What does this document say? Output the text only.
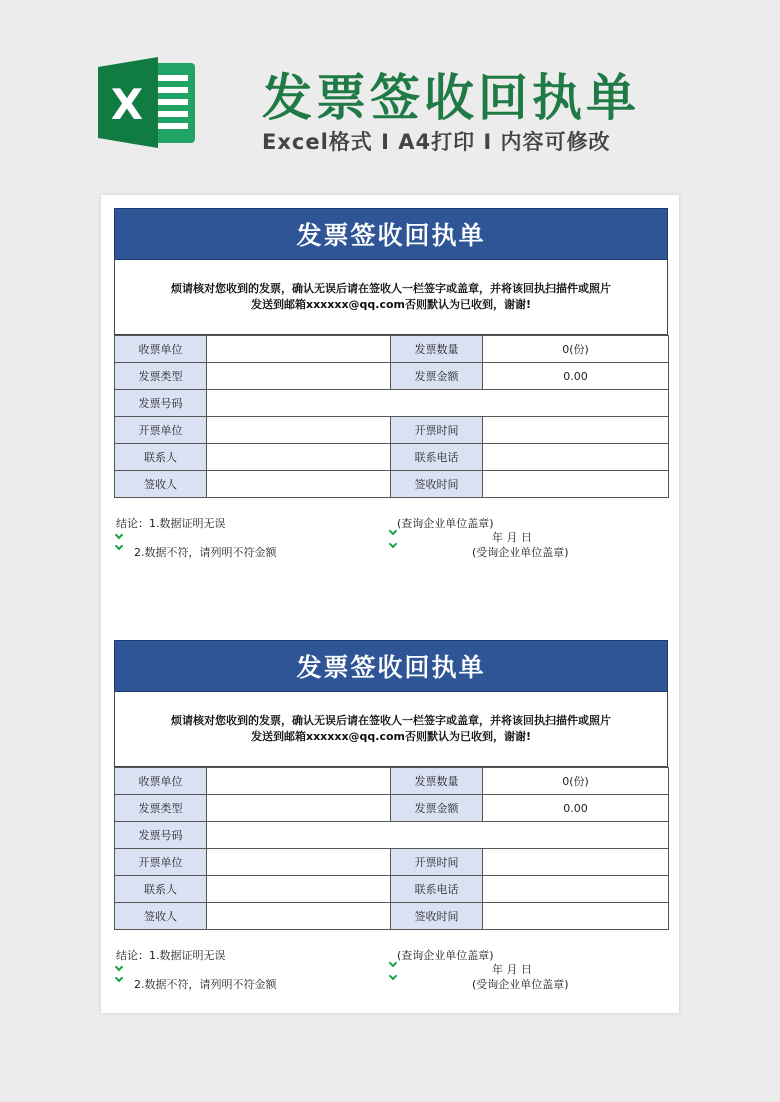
X 发票签收回执单
Excel格式 I A4打印 I 内容可修改
发票签收回执单
烦请核对您收到的发票，确认无误后请在签收人一栏签字或盖章，并将该回执扫描件或照片
发送到邮箱xxxxxx@qq.com否则默认为已收到，谢谢!
收票单位		发票数量	0(份)
发票类型		发票金额	0.00
发票号码			
开票单位		开票时间	
联系人		联系电话	
签收人		签收时间	
结论：1.数据证明无误
2.数据不符，请列明不符金额
(查询企业单位盖章)
年 月 日
(受询企业单位盖章)
发票签收回执单
烦请核对您收到的发票，确认无误后请在签收人一栏签字或盖章，并将该回执扫描件或照片
发送到邮箱xxxxxx@qq.com否则默认为已收到，谢谢!
收票单位		发票数量	0(份)
发票类型		发票金额	0.00
发票号码			
开票单位		开票时间	
联系人		联系电话	
签收人		签收时间	
结论：1.数据证明无误
2.数据不符，请列明不符金额
(查询企业单位盖章)
年 月 日
(受询企业单位盖章)
